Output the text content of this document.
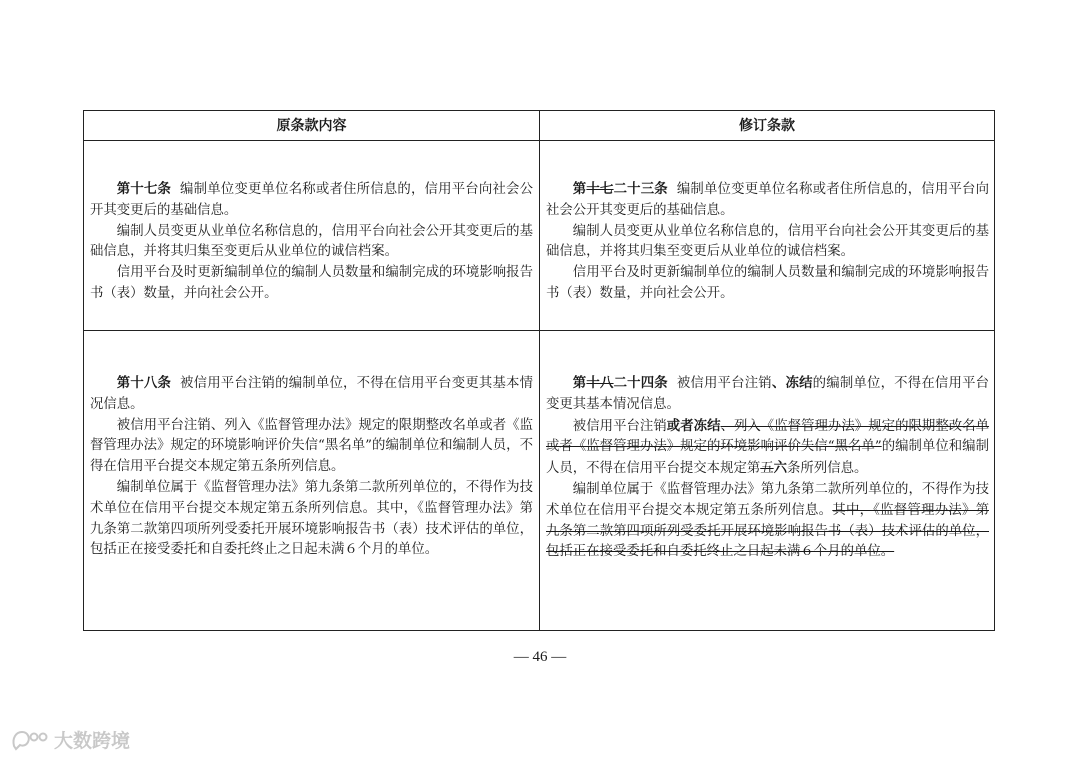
原条款内容	修订条款

第十七条 编制单位变更单位名称或者住所信息的，信用平台向社会公开其变更后的基础信息。

编制人员变更从业单位名称信息的，信用平台向社会公开其变更后的基础信息，并将其归集至变更后从业单位的诚信档案。

信用平台及时更新编制单位的编制人员数量和编制完成的环境影响报告书（表）数量，并向社会公开。

第十七二十三条 编制单位变更单位名称或者住所信息的，信用平台向社会公开其变更后的基础信息。

编制人员变更从业单位名称信息的，信用平台向社会公开其变更后的基础信息，并将其归集至变更后从业单位的诚信档案。

信用平台及时更新编制单位的编制人员数量和编制完成的环境影响报告书（表）数量，并向社会公开。

第十八条 被信用平台注销的编制单位，不得在信用平台变更其基本情况信息。

被信用平台注销、列入《监督管理办法》规定的限期整改名单或者《监督管理办法》规定的环境影响评价失信“黑名单”的编制单位和编制人员，不得在信用平台提交本规定第五条所列信息。

编制单位属于《监督管理办法》第九条第二款所列单位的，不得作为技术单位在信用平台提交本规定第五条所列信息。其中，《监督管理办法》第九条第二款第四项所列受委托开展环境影响报告书（表）技术评估的单位，包括正在接受委托和自委托终止之日起未满６个月的单位。

第十八二十四条 被信用平台注销、冻结的编制单位，不得在信用平台变更其基本情况信息。

被信用平台注销或者冻结、列入《监督管理办法》规定的限期整改名单或者《监督管理办法》规定的环境影响评价失信“黑名单”的编制单位和编制人员，不得在信用平台提交本规定第五六条所列信息。

编制单位属于《监督管理办法》第九条第二款所列单位的，不得作为技术单位在信用平台提交本规定第五条所列信息。其中，《监督管理办法》第九条第二款第四项所列受委托开展环境影响报告书（表）技术评估的单位，包括正在接受委托和自委托终止之日起未满６个月的单位。

— 46 —
大数跨境
